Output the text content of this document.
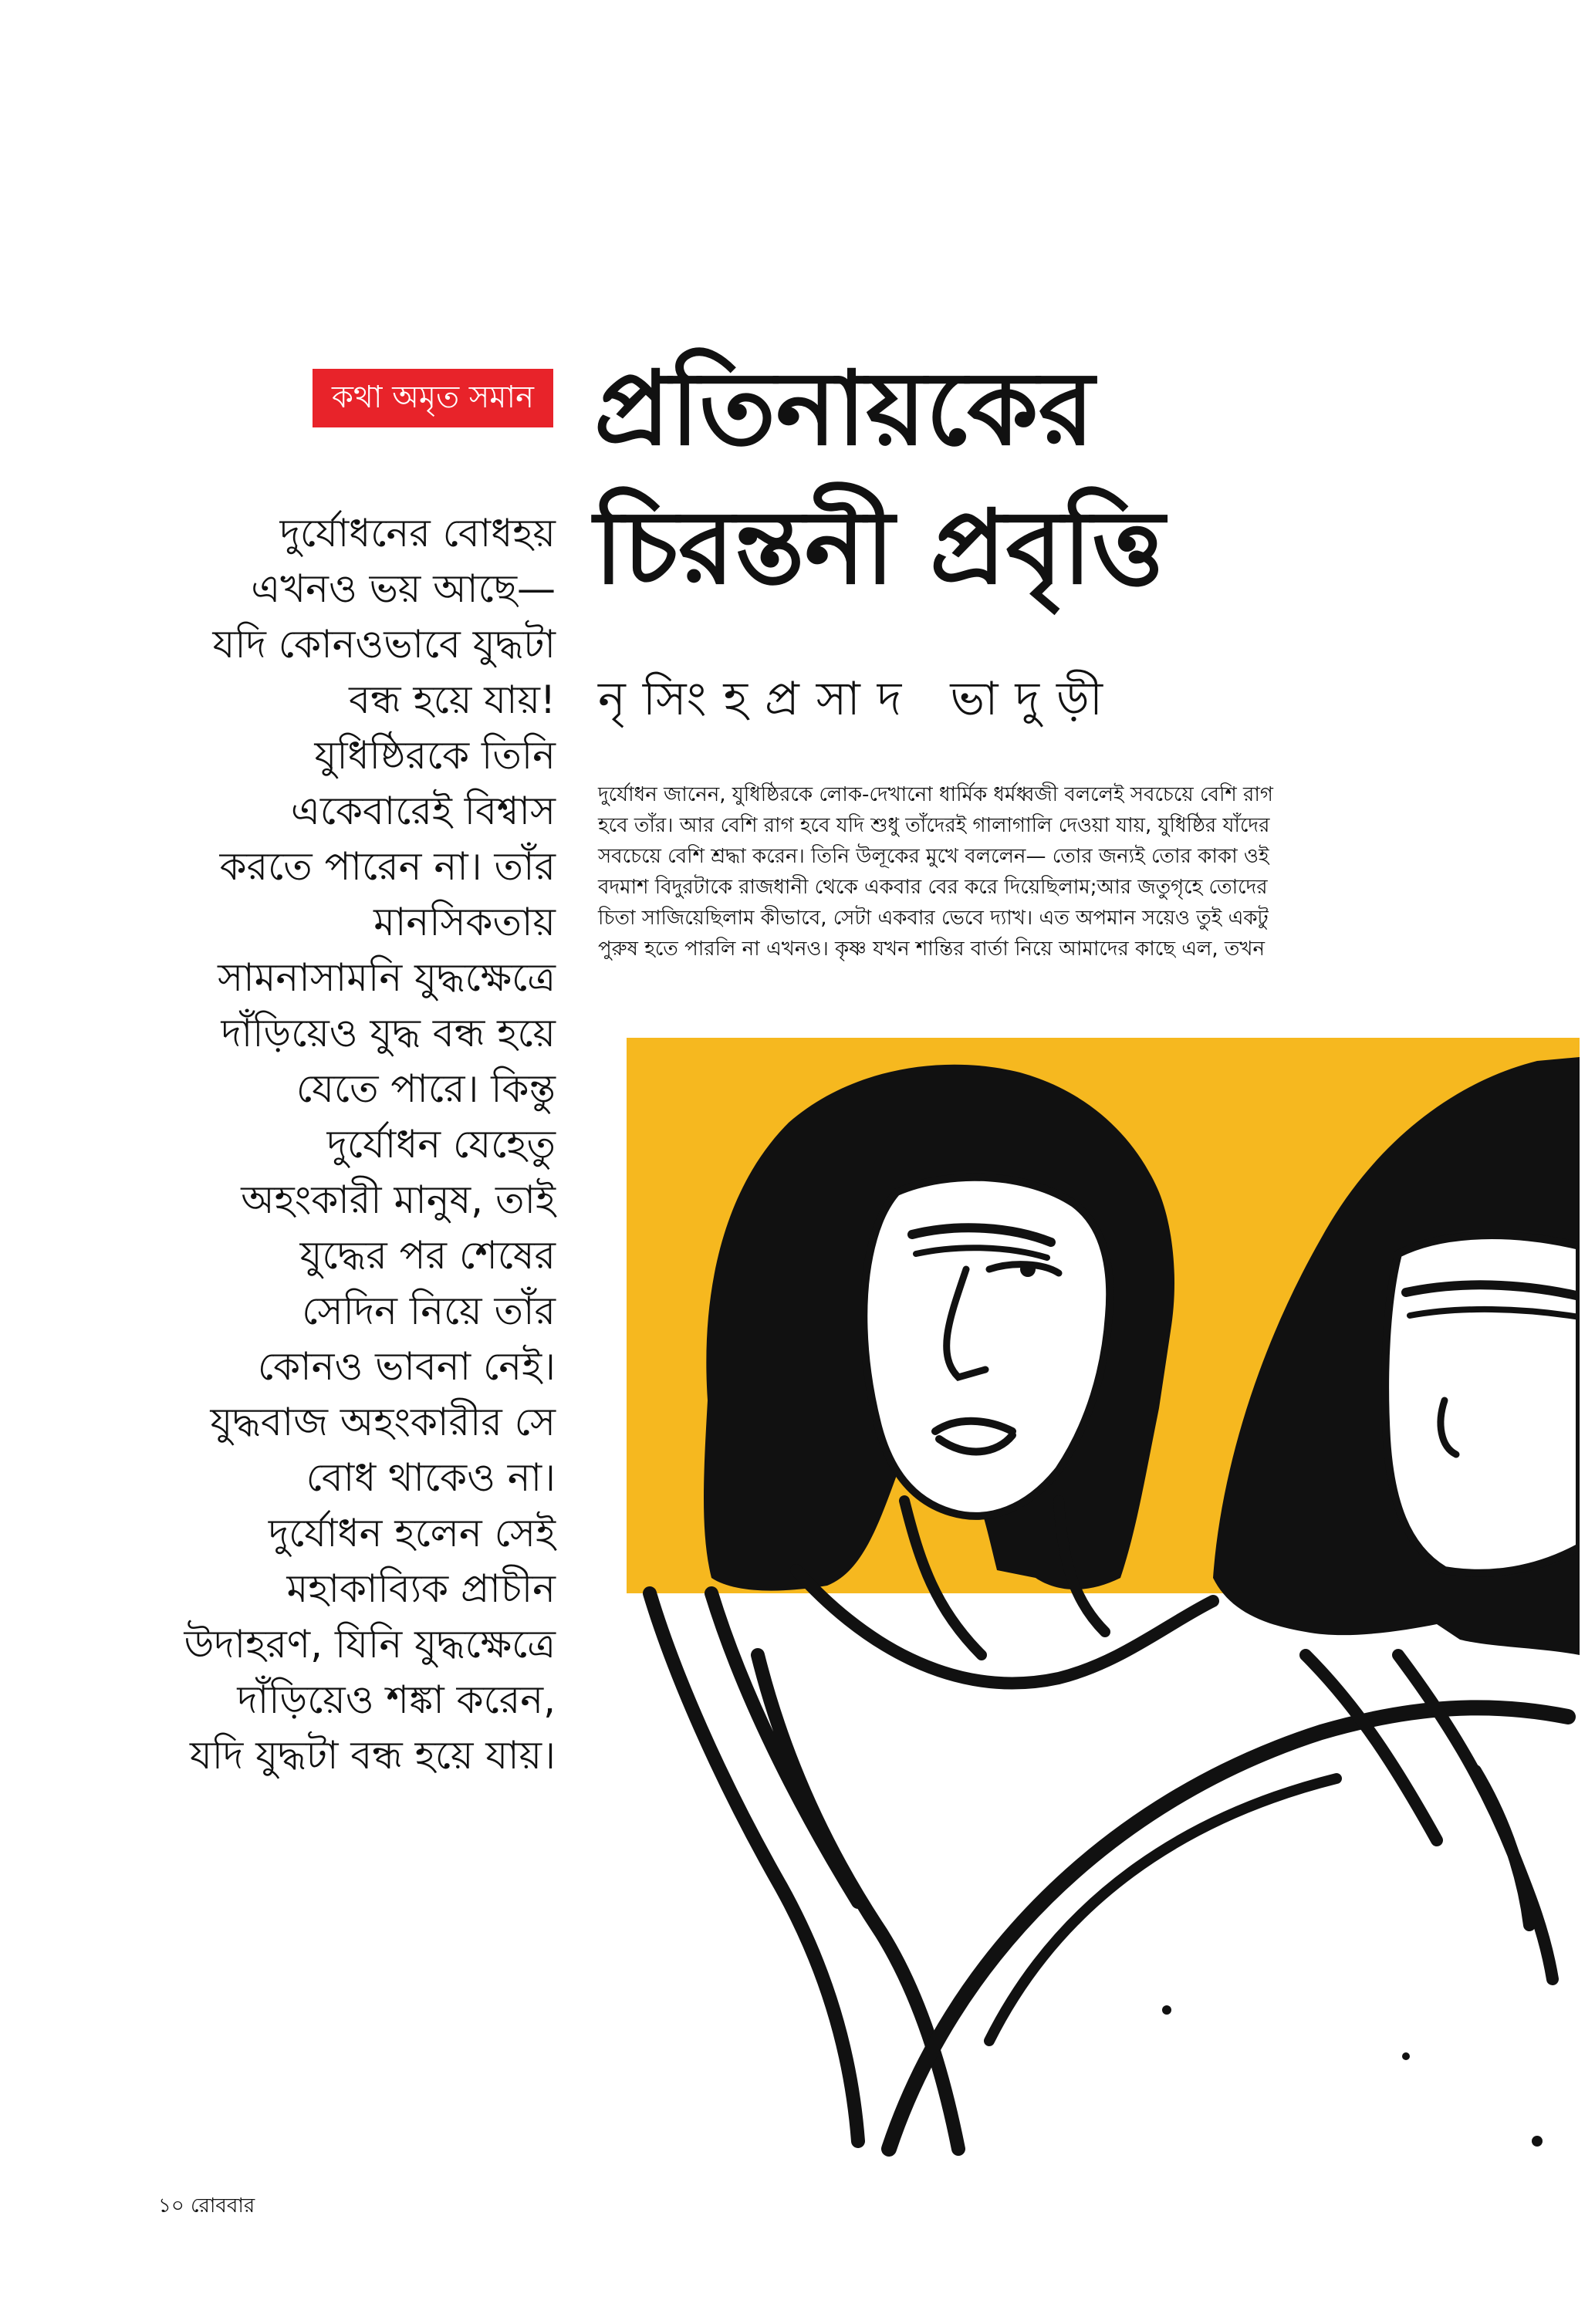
কথা অমৃত সমান প্রতিনায়কের
চিরন্তনী প্রবৃত্তি
নৃসিংহপ্রসাদ ভাদুড়ী
দুর্যোধনের বোধহয়
এখনও ভয় আছে—
যদি কোনওভাবে যুদ্ধটা
বন্ধ হয়ে যায়!
যুধিষ্ঠিরকে তিনি
একেবারেই বিশ্বাস
করতে পারেন না। তাঁর
মানসিকতায়
সামনাসামনি যুদ্ধক্ষেত্রে
দাঁড়িয়েও যুদ্ধ বন্ধ হয়ে
যেতে পারে। কিন্তু
দুর্যোধন যেহেতু
অহংকারী মানুষ, তাই
যুদ্ধের পর শেষের
সেদিন নিয়ে তাঁর
কোনও ভাবনা নেই।
যুদ্ধবাজ অহংকারীর সে
বোধ থাকেও না।
দুর্যোধন হলেন সেই
মহাকাব্যিক প্রাচীন
উদাহরণ, যিনি যুদ্ধক্ষেত্রে
দাঁড়িয়েও শঙ্কা করেন,
যদি যুদ্ধটা বন্ধ হয়ে যায়।
দুর্যোধন জানেন, যুধিষ্ঠিরকে লোক-দেখানো ধার্মিক ধর্মধ্বজী বললেই সবচেয়ে বেশি রাগ
হবে তাঁর। আর বেশি রাগ হবে যদি শুধু তাঁদেরই গালাগালি দেওয়া যায়, যুধিষ্ঠির যাঁদের
সবচেয়ে বেশি শ্রদ্ধা করেন। তিনি উলূকের মুখে বললেন— তোর জন্যই তোর কাকা ওই
বদমাশ বিদুরটাকে রাজধানী থেকে একবার বের করে দিয়েছিলাম;আর জতুগৃহে তোদের
চিতা সাজিয়েছিলাম কীভাবে, সেটা একবার ভেবে দ্যাখ। এত অপমান সয়েও তুই একটু
পুরুষ হতে পারলি না এখনও। কৃষ্ণ যখন শান্তির বার্তা নিয়ে আমাদের কাছে এল, তখন
১০ রোববার
